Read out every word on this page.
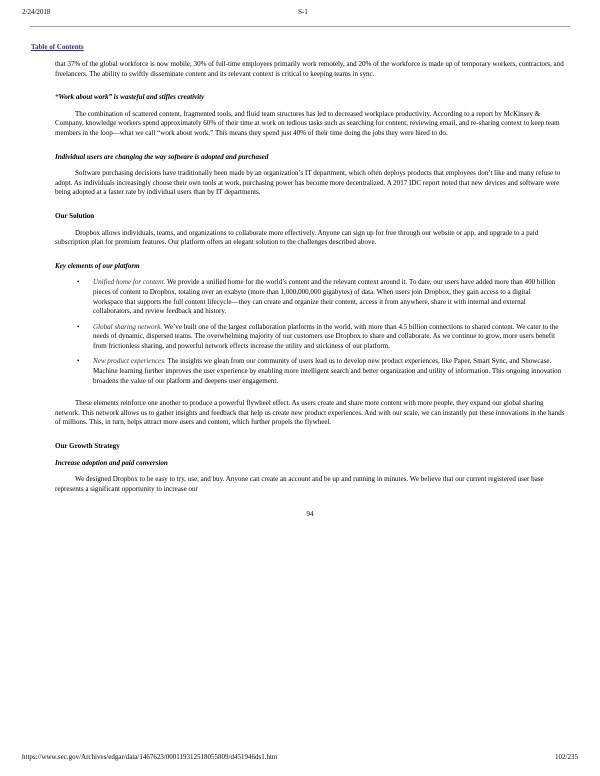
2/24/2018	S-1
Table of Contents

that 37% of the global workforce is now mobile, 30% of full-time employees primarily work remotely, and 20% of the workforce is made up of temporary workers, contractors, and freelancers. The ability to swiftly disseminate content and its relevant context is critical to keeping teams in sync.

“Work about work” is wasteful and stifles creativity

The combination of scattered content, fragmented tools, and fluid team structures has led to decreased workplace productivity. According to a report by McKinsey & Company, knowledge workers spend approximately 60% of their time at work on tedious tasks such as searching for content, reviewing email, and re-sharing context to keep team members in the loop—what we call “work about work.” This means they spend just 40% of their time doing the jobs they were hired to do.

Individual users are changing the way software is adopted and purchased

Software purchasing decisions have traditionally been made by an organization’s IT department, which often deploys products that employees don’t like and many refuse to adopt. As individuals increasingly choose their own tools at work, purchasing power has become more decentralized. A 2017 IDC report noted that new devices and software were being adopted at a faster rate by individual users than by IT departments.

Our Solution

Dropbox allows individuals, teams, and organizations to collaborate more effectively. Anyone can sign up for free through our website or app, and upgrade to a paid subscription plan for premium features. Our platform offers an elegant solution to the challenges described above.

Key elements of our platform

• Unified home for content. We provide a unified home for the world’s content and the relevant context around it. To date, our users have added more than 400 billion pieces of content to Dropbox, totaling over an exabyte (more than 1,000,000,000 gigabytes) of data. When users join Dropbox, they gain access to a digital workspace that supports the full content lifecycle—they can create and organize their content, access it from anywhere, share it with internal and external collaborators, and review feedback and history.
• Global sharing network. We’ve built one of the largest collaboration platforms in the world, with more than 4.5 billion connections to shared content. We cater to the needs of dynamic, dispersed teams. The overwhelming majority of our customers use Dropbox to share and collaborate. As we continue to grow, more users benefit from frictionless sharing, and powerful network effects increase the utility and stickiness of our platform.
• New product experiences. The insights we glean from our community of users lead us to develop new product experiences, like Paper, Smart Sync, and Showcase. Machine learning further improves the user experience by enabling more intelligent search and better organization and utility of information. This ongoing innovation broadens the value of our platform and deepens user engagement.

These elements reinforce one another to produce a powerful flywheel effect. As users create and share more content with more people, they expand our global sharing network. This network allows us to gather insights and feedback that help us create new product experiences. And with our scale, we can instantly put these innovations in the hands of millions. This, in turn, helps attract more users and content, which further propels the flywheel.

Our Growth Strategy

Increase adoption and paid conversion

We designed Dropbox to be easy to try, use, and buy. Anyone can create an account and be up and running in minutes. We believe that our current registered user base represents a significant opportunity to increase our

94
https://www.sec.gov/Archives/edgar/data/1467623/000119312518055809/d451946ds1.htm	102/235
